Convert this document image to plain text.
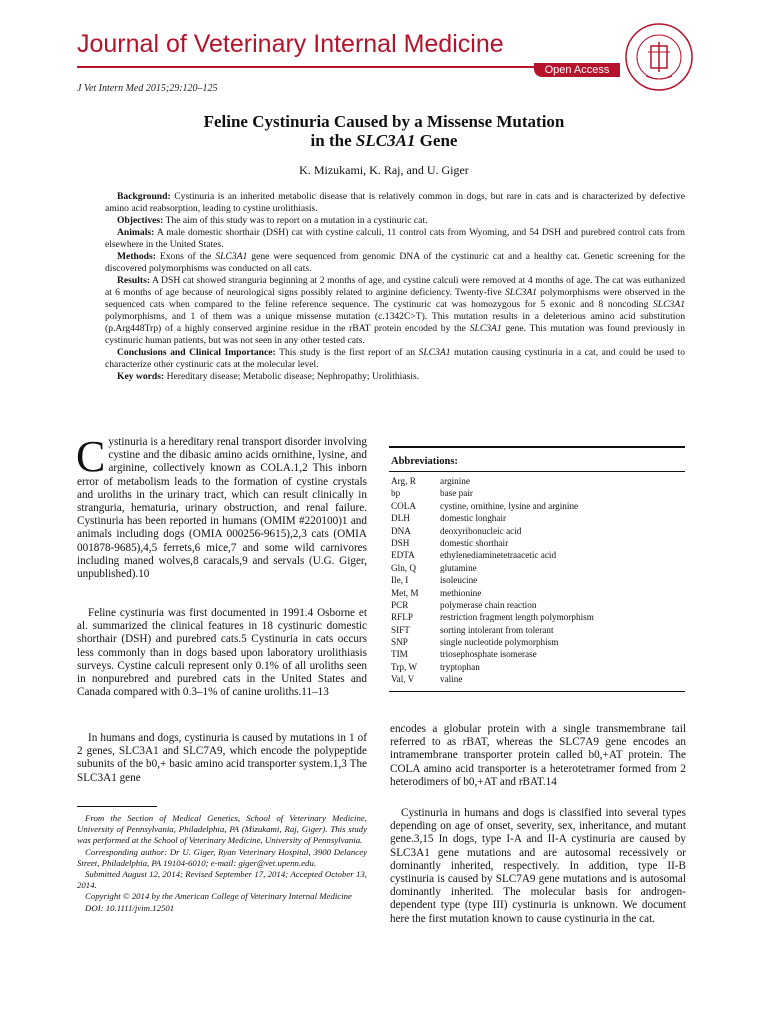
Journal of Veterinary Internal Medicine
Open Access
J Vet Intern Med 2015;29:120–125
Feline Cystinuria Caused by a Missense Mutation
in the SLC3A1 Gene
K. Mizukami, K. Raj, and U. Giger

Background: Cystinuria is an inherited metabolic disease that is relatively common in dogs, but rare in cats and is characterized by defective amino acid reabsorption, leading to cystine urolithiasis.

Objectives: The aim of this study was to report on a mutation in a cystinuric cat.

Animals: A male domestic shorthair (DSH) cat with cystine calculi, 11 control cats from Wyoming, and 54 DSH and purebred control cats from elsewhere in the United States.

Methods: Exons of the SLC3A1 gene were sequenced from genomic DNA of the cystinuric cat and a healthy cat. Genetic screening for the discovered polymorphisms was conducted on all cats.

Results: A DSH cat showed stranguria beginning at 2 months of age, and cystine calculi were removed at 4 months of age. The cat was euthanized at 6 months of age because of neurological signs possibly related to arginine deficiency. Twenty-five SLC3A1 polymorphisms were observed in the sequenced cats when compared to the feline reference sequence. The cystinuric cat was homozygous for 5 exonic and 8 noncoding SLC3A1 polymorphisms, and 1 of them was a unique missense mutation (c.1342C>T). This mutation results in a deleterious amino acid substitution (p.Arg448Trp) of a highly conserved arginine residue in the rBAT protein encoded by the SLC3A1 gene. This mutation was found previously in cystinuric human patients, but was not seen in any other tested cats.

Conclusions and Clinical Importance: This study is the first report of an SLC3A1 mutation causing cystinuria in a cat, and could be used to characterize other cystinuric cats at the molecular level.

Key words: Hereditary disease; Metabolic disease; Nephropathy; Urolithiasis.

Cystinuria is a hereditary renal transport disorder involving cystine and the dibasic amino acids ornithine, lysine, and arginine, collectively known as COLA.1,2 This inborn error of metabolism leads to the formation of cystine crystals and uroliths in the urinary tract, which can result clinically in stranguria, hematuria, urinary obstruction, and renal failure. Cystinuria has been reported in humans (OMIM #220100)1 and animals including dogs (OMIA 000256-9615),2,3 cats (OMIA 001878-9685),4,5 ferrets,6 mice,7 and some wild carnivores including maned wolves,8 caracals,9 and servals (U.G. Giger, unpublished).10
Feline cystinuria was first documented in 1991.4 Osborne et al. summarized the clinical features in 18 cystinuric domestic shorthair (DSH) and purebred cats.5 Cystinuria in cats occurs less commonly than in dogs based upon laboratory urolithiasis surveys. Cystine calculi represent only 0.1% of all uroliths seen in nonpurebred and purebred cats in the United States and Canada compared with 0.3–1% of canine uroliths.11–13
In humans and dogs, cystinuria is caused by mutations in 1 of 2 genes, SLC3A1 and SLC7A9, which encode the polypeptide subunits of the b0,+ basic amino acid transporter system.1,3 The SLC3A1 gene
Abbreviations:
Arg, R	arginine
bp	base pair
COLA	cystine, ornithine, lysine and arginine
DLH	domestic longhair
DNA	deoxyribonucleic acid
DSH	domestic shorthair
EDTA	ethylenediaminetetraacetic acid
Gln, Q	glutamine
Ile, I	isoleucine
Met, M	methionine
PCR	polymerase chain reaction
RFLP	restriction fragment length polymorphism
SIFT	sorting intolerant from tolerant
SNP	single nucleotide polymorphism
TIM	triosephosphate isomerase
Trp, W	tryptophan
Val, V	valine
encodes a globular protein with a single transmembrane tail referred to as rBAT, whereas the SLC7A9 gene encodes an intramembrane transporter protein called b0,+AT protein. The COLA amino acid transporter is a heterotetramer formed from 2 heterodimers of b0,+AT and rBAT.14
Cystinuria in humans and dogs is classified into several types depending on age of onset, severity, sex, inheritance, and mutant gene.3,15 In dogs, type I-A and II-A cystinuria are caused by SLC3A1 gene mutations and are autosomal recessively or dominantly inherited, respectively. In addition, type II-B cystinuria is caused by SLC7A9 gene mutations and is autosomal dominantly inherited. The molecular basis for androgen-dependent type (type III) cystinuria is unknown. We document here the first mutation known to cause cystinuria in the cat.

From the Section of Medical Genetics, School of Veterinary Medicine, University of Pennsylvania, Philadelphia, PA (Mizukami, Raj, Giger). This study was performed at the School of Veterinary Medicine, University of Pennsylvania.

Corresponding author: Dr U. Giger, Ryan Veterinary Hospital, 3900 Delancey Street, Philadelphia, PA 19104-6010; e-mail: giger@vet.upenn.edu.

Submitted August 12, 2014; Revised September 17, 2014; Accepted October 13, 2014.

Copyright © 2014 by the American College of Veterinary Internal Medicine

DOI: 10.1111/jvim.12501
